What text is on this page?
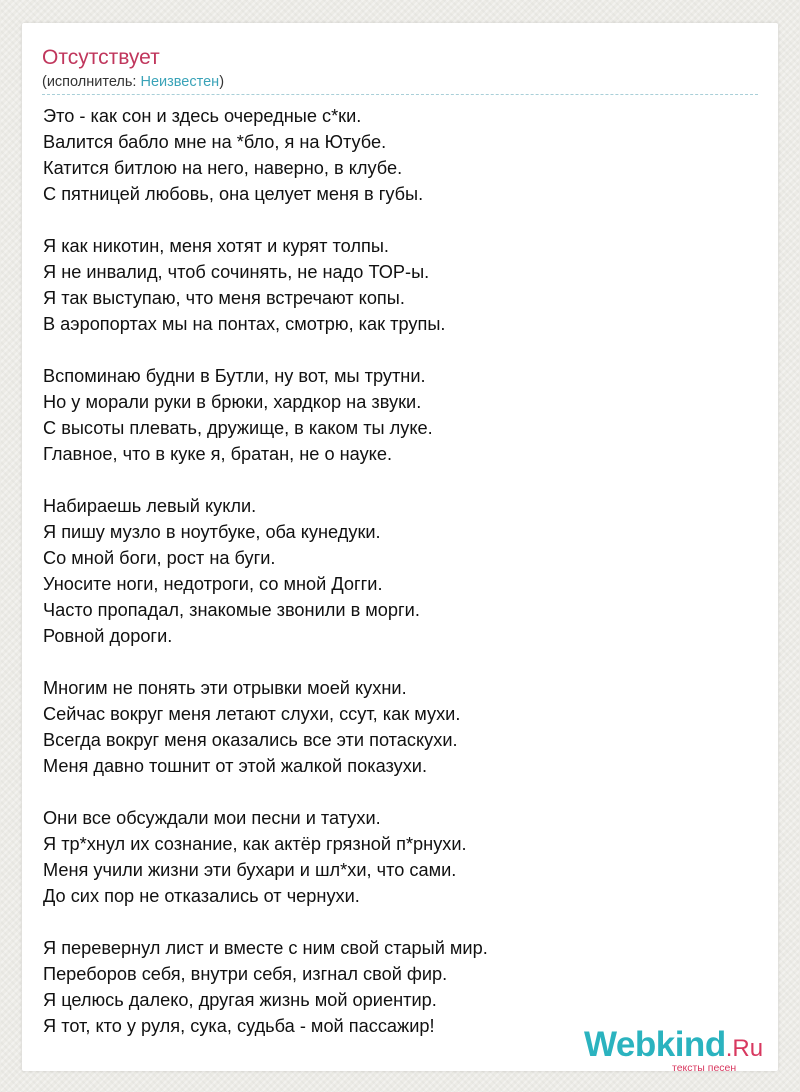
Отсутствует
(исполнитель: Неизвестен)
Это - как сон и здесь очередные с*ки.
Валится бабло мне на *бло, я на Ютубе.
Катится битлою на него, наверно, в клубе.
С пятницей любовь, она целует меня в губы.
Я как никотин, меня хотят и курят толпы.
Я не инвалид, чтоб сочинять, не надо ТОР-ы.
Я так выступаю, что меня встречают копы.
В аэропортах мы на понтах, смотрю, как трупы.
Вспоминаю будни в Бутли, ну вот, мы трутни.
Но у морали руки в брюки, хардкор на звуки.
С высоты плевать, дружище, в каком ты луке.
Главное, что в куке я, братан, не о науке.
Набираешь левый кукли.
Я пишу музло в ноутбуке, оба кунедуки.
Со мной боги, рост на буги.
Уносите ноги, недотроги, со мной Догги.
Часто пропадал, знакомые звонили в морги.
Ровной дороги.
Многим не понять эти отрывки моей кухни.
Сейчас вокруг меня летают слухи, ссут, как мухи.
Всегда вокруг меня оказались все эти потаскухи.
Меня давно тошнит от этой жалкой показухи.
Они все обсуждали мои песни и татухи.
Я тр*хнул их сознание, как актёр грязной п*рнухи.
Меня учили жизни эти бухари и шл*хи, что сами.
До сих пор не отказались от чернухи.
Я перевернул лист и вместе с ним свой старый мир.
Переборов себя, внутри себя, изгнал свой фир.
Я целюсь далеко, другая жизнь мой ориентир.
Я тот, кто у руля, сука, судьба - мой пассажир!	Webkind.Ru
тексты песен
